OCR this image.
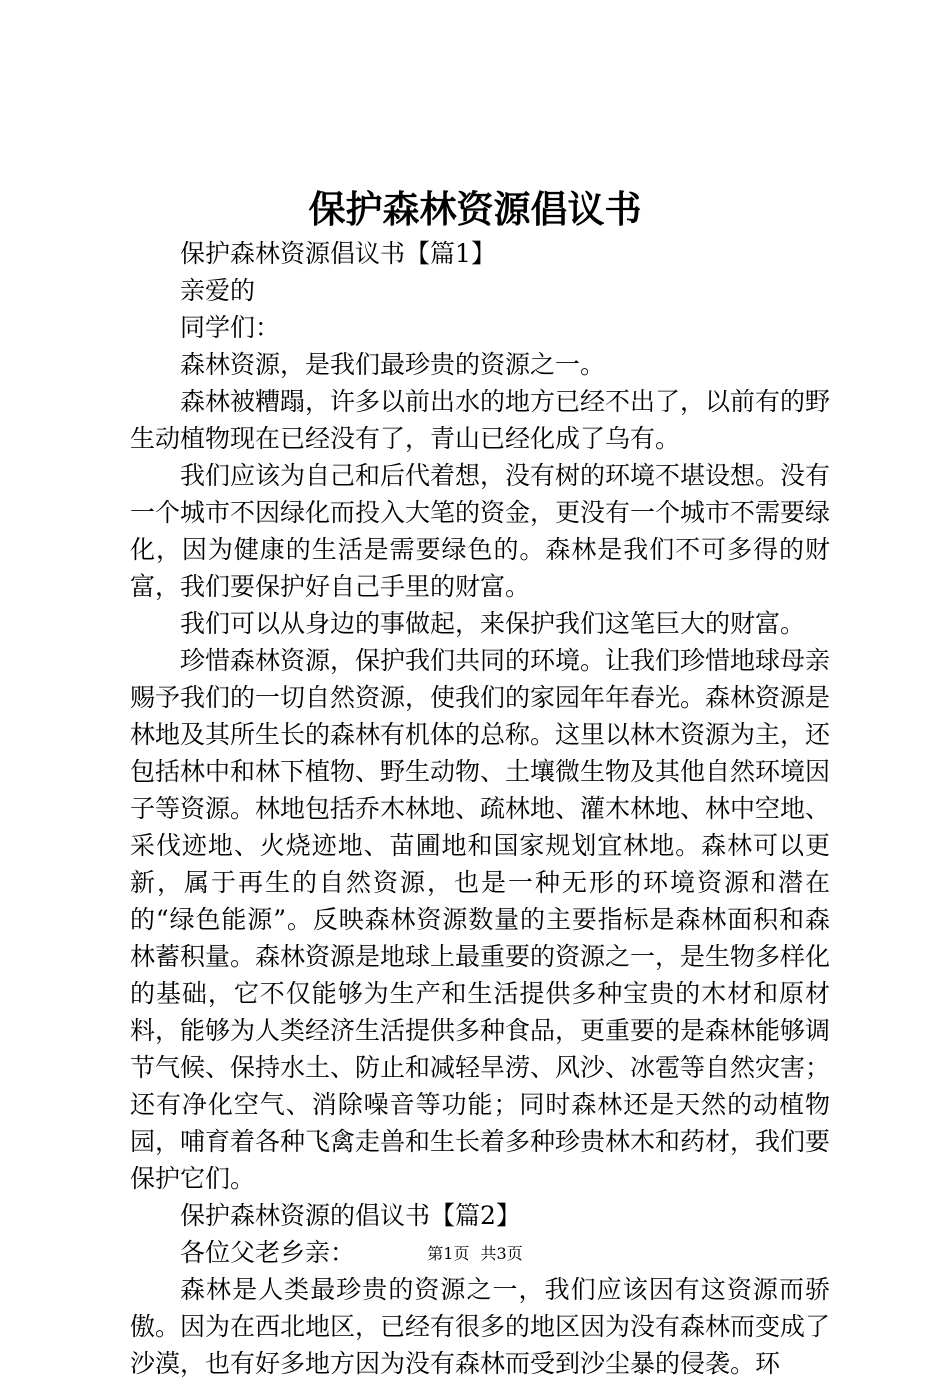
保护森林资源倡议书

保护森林资源倡议书【篇1】

亲爱的

同学们：

森林资源，是我们最珍贵的资源之一。

森林被糟蹋，许多以前出水的地方已经不出了，以前有的野生动植物现在已经没有了，青山已经化成了乌有。

我们应该为自己和后代着想，没有树的环境不堪设想。没有一个城市不因绿化而投入大笔的资金，更没有一个城市不需要绿化，因为健康的生活是需要绿色的。森林是我们不可多得的财富，我们要保护好自己手里的财富。

我们可以从身边的事做起，来保护我们这笔巨大的财富。

珍惜森林资源，保护我们共同的环境。让我们珍惜地球母亲赐予我们的一切自然资源，使我们的家园年年春光。森林资源是林地及其所生长的森林有机体的总称。这里以林木资源为主，还包括林中和林下植物、野生动物、土壤微生物及其他自然环境因子等资源。林地包括乔木林地、疏林地、灌木林地、林中空地、采伐迹地、火烧迹地、苗圃地和国家规划宜林地。森林可以更新，属于再生的自然资源，也是一种无形的环境资源和潜在的“绿色能源”。反映森林资源数量的主要指标是森林面积和森林蓄积量。森林资源是地球上最重要的资源之一，是生物多样化的基础，它不仅能够为生产和生活提供多种宝贵的木材和原材料，能够为人类经济生活提供多种食品，更重要的是森林能够调节气候、保持水土、防止和减轻旱涝、风沙、冰雹等自然灾害；还有净化空气、消除噪音等功能；同时森林还是天然的动植物园，哺育着各种飞禽走兽和生长着多种珍贵林木和药材，我们要保护它们。

保护森林资源的倡议书【篇2】

各位父老乡亲：

森林是人类最珍贵的资源之一，我们应该因有这资源而骄傲。因为在西北地区，已经有很多的地区因为没有森林而变成了沙漠，也有好多地方因为没有森林而受到沙尘暴的侵袭。环

第1页 共3页
